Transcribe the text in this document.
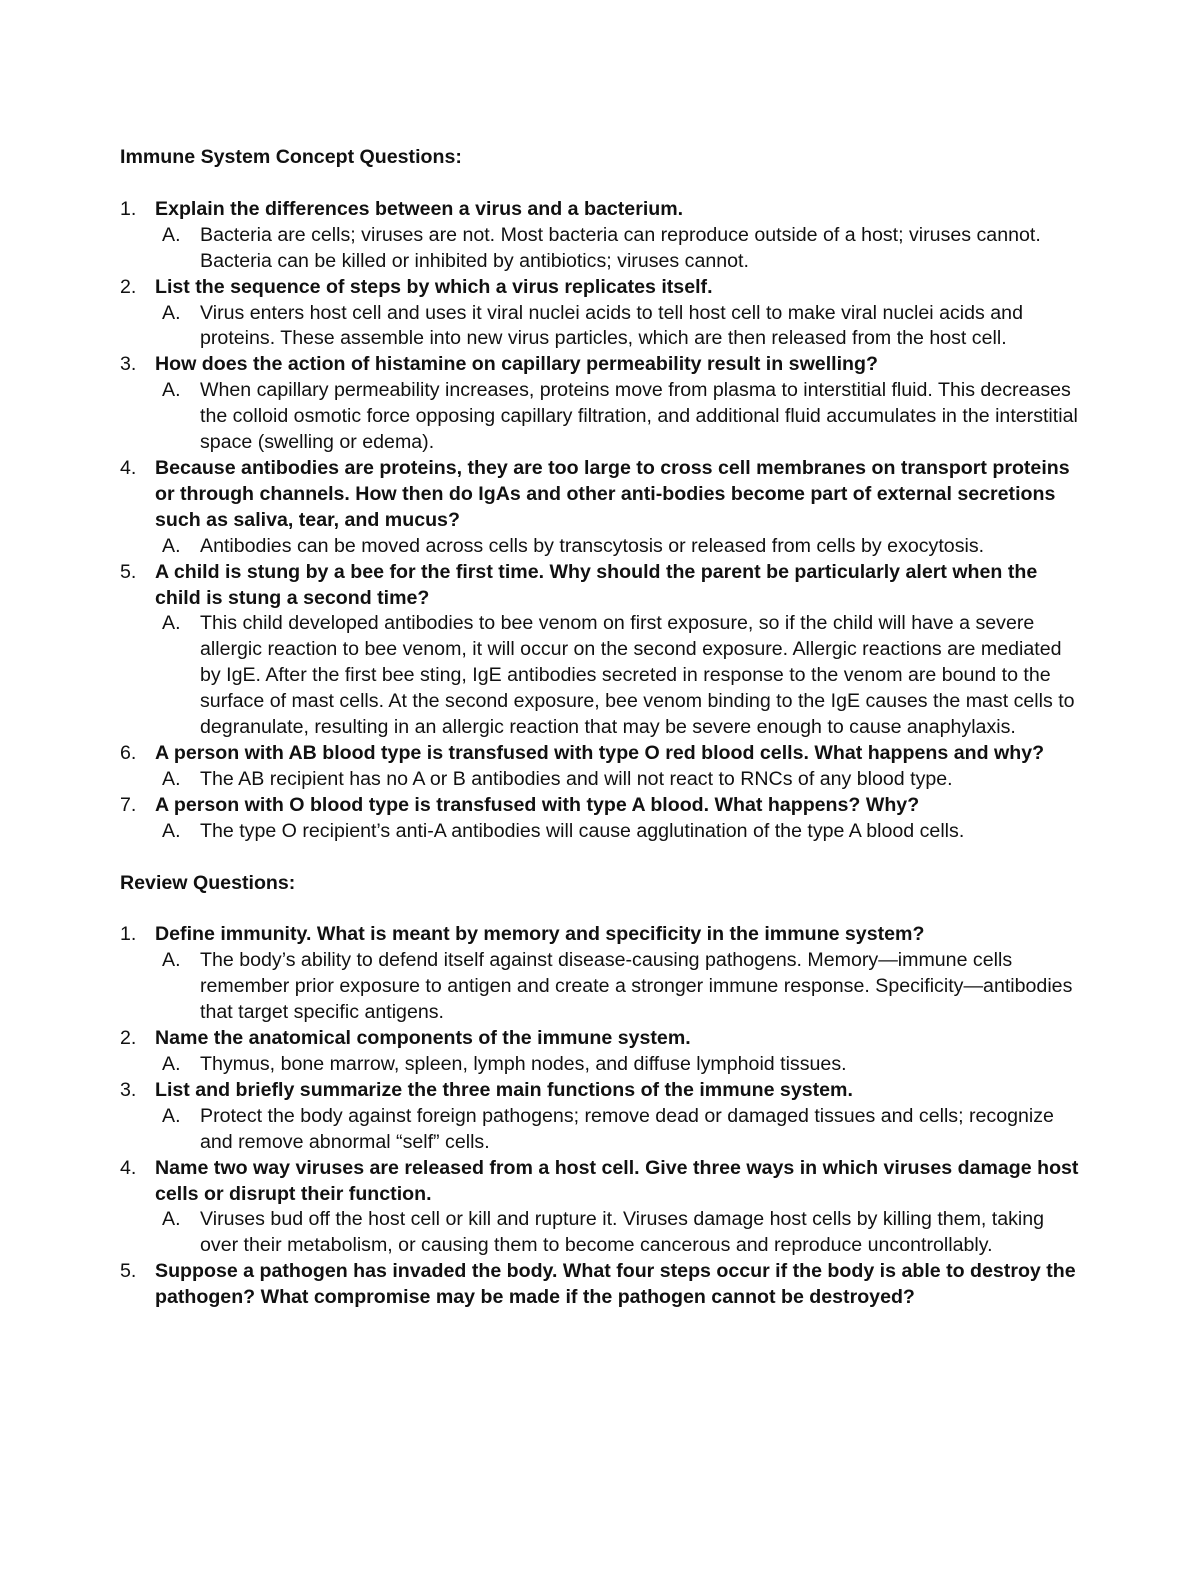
Immune System Concept Questions:

1. Explain the differences between a virus and a bacterium.
A. Bacteria are cells; viruses are not. Most bacteria can reproduce outside of a host; viruses cannot. Bacteria can be killed or inhibited by antibiotics; viruses cannot.
2. List the sequence of steps by which a virus replicates itself.
A. Virus enters host cell and uses it viral nuclei acids to tell host cell to make viral nuclei acids and proteins. These assemble into new virus particles, which are then released from the host cell.
3. How does the action of histamine on capillary permeability result in swelling?
A. When capillary permeability increases, proteins move from plasma to interstitial fluid. This decreases the colloid osmotic force opposing capillary filtration, and additional fluid accumulates in the interstitial space (swelling or edema).
4. Because antibodies are proteins, they are too large to cross cell membranes on transport proteins or through channels. How then do IgAs and other anti-bodies become part of external secretions such as saliva, tear, and mucus?
A. Antibodies can be moved across cells by transcytosis or released from cells by exocytosis.
5. A child is stung by a bee for the first time. Why should the parent be particularly alert when the child is stung a second time?
A. This child developed antibodies to bee venom on first exposure, so if the child will have a severe allergic reaction to bee venom, it will occur on the second exposure. Allergic reactions are mediated by IgE. After the first bee sting, IgE antibodies secreted in response to the venom are bound to the surface of mast cells. At the second exposure, bee venom binding to the IgE causes the mast cells to degranulate, resulting in an allergic reaction that may be severe enough to cause anaphylaxis.
6. A person with AB blood type is transfused with type O red blood cells. What happens and why?
A. The AB recipient has no A or B antibodies and will not react to RNCs of any blood type.
7. A person with O blood type is transfused with type A blood. What happens? Why?
A. The type O recipient’s anti-A antibodies will cause agglutination of the type A blood cells.

Review Questions:

1. Define immunity. What is meant by memory and specificity in the immune system?
A. The body’s ability to defend itself against disease-causing pathogens. Memory—immune cells remember prior exposure to antigen and create a stronger immune response. Specificity—antibodies that target specific antigens.
2. Name the anatomical components of the immune system.
A. Thymus, bone marrow, spleen, lymph nodes, and diffuse lymphoid tissues.
3. List and briefly summarize the three main functions of the immune system.
A. Protect the body against foreign pathogens; remove dead or damaged tissues and cells; recognize and remove abnormal “self” cells.
4. Name two way viruses are released from a host cell. Give three ways in which viruses damage host cells or disrupt their function.
A. Viruses bud off the host cell or kill and rupture it. Viruses damage host cells by killing them, taking over their metabolism, or causing them to become cancerous and reproduce uncontrollably.
5. Suppose a pathogen has invaded the body. What four steps occur if the body is able to destroy the pathogen? What compromise may be made if the pathogen cannot be destroyed?
